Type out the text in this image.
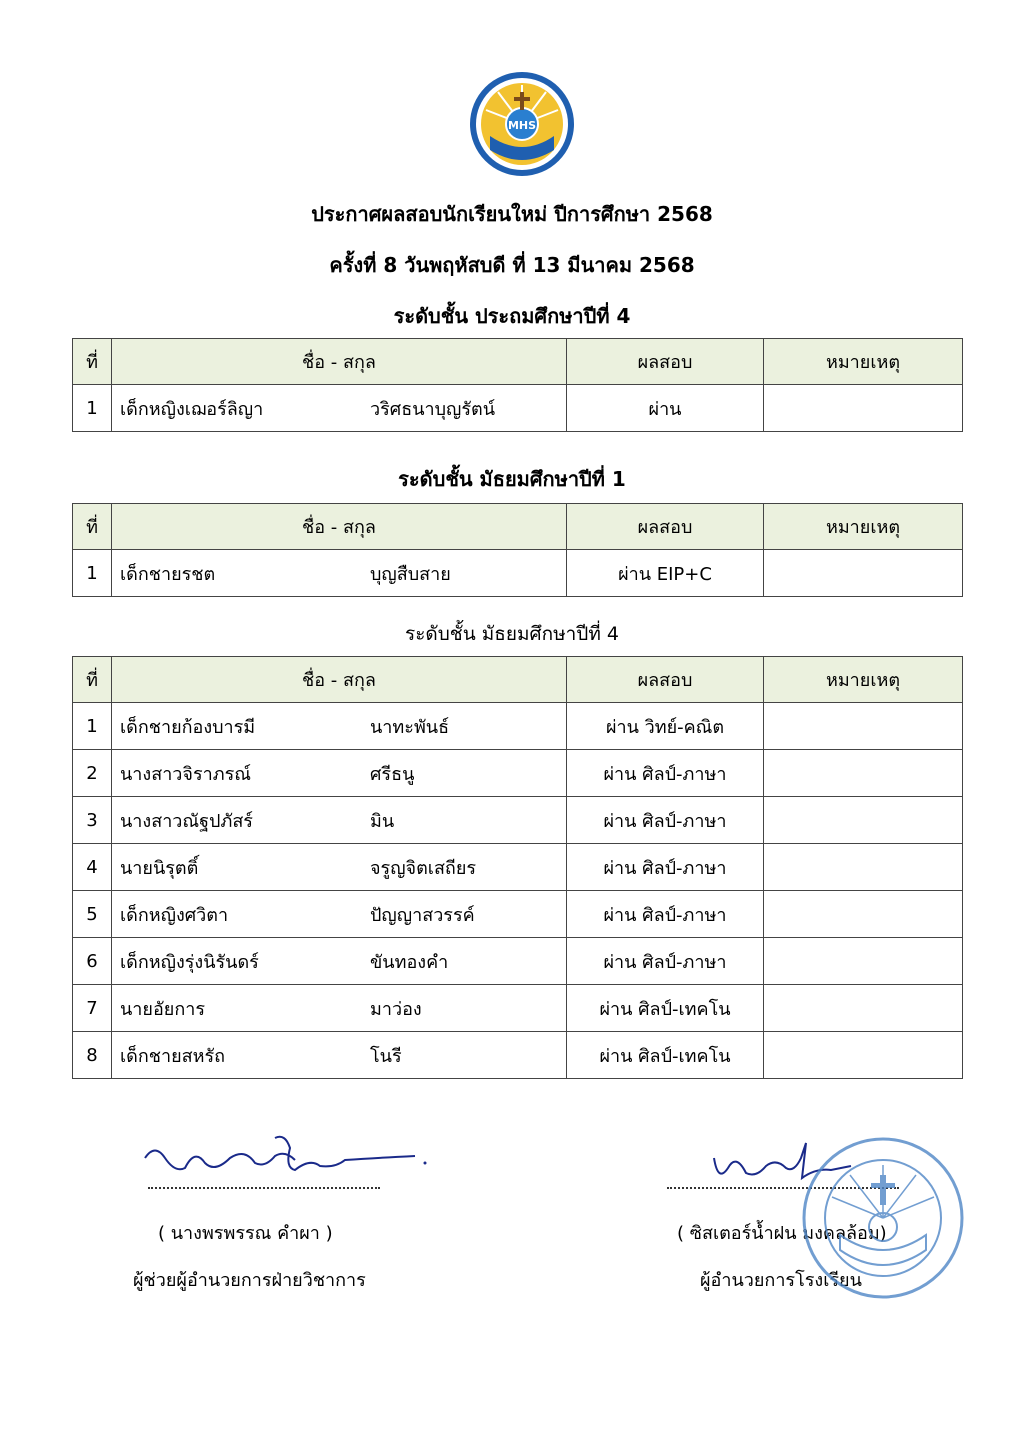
MHS
ประกาศผลสอบนักเรียนใหม่ ปีการศึกษา 2568
ครั้งที่ 8 วันพฤหัสบดี ที่ 13 มีนาคม 2568
ระดับชั้น ประถมศึกษาปีที่ 4
ที่	ชื่อ - สกุล	ผลสอบ	หมายเหตุ
1	เด็กหญิงเฌอร์ลิญา วริศธนาบุญรัตน์	ผ่าน	
ระดับชั้น มัธยมศึกษาปีที่ 1
ที่	ชื่อ - สกุล	ผลสอบ	หมายเหตุ
1	เด็กชายรชต บุญสืบสาย	ผ่าน EIP+C	
ระดับชั้น มัธยมศึกษาปีที่ 4
ที่	ชื่อ - สกุล	ผลสอบ	หมายเหตุ
1	เด็กชายก้องบารมี นาทะพันธ์	ผ่าน วิทย์-คณิต	
2	นางสาวจิราภรณ์ ศรีธนู	ผ่าน ศิลป์-ภาษา	
3	นางสาวณัฐปภัสร์ มิน	ผ่าน ศิลป์-ภาษา	
4	นายนิรุตติ์ จรูญจิตเสถียร	ผ่าน ศิลป์-ภาษา	
5	เด็กหญิงศวิตา ปัญญาสวรรค์	ผ่าน ศิลป์-ภาษา	
6	เด็กหญิงรุ่งนิรันดร์ ขันทองคำ	ผ่าน ศิลป์-ภาษา	
7	นายอัยการ มาว่อง	ผ่าน ศิลป์-เทคโน	
8	เด็กชายสหรัถ โนรี	ผ่าน ศิลป์-เทคโน	
( นางพรพรรณ คำผา )
ผู้ช่วยผู้อำนวยการฝ่ายวิชาการ
( ซิสเตอร์น้ำฝน มงคลล้อม)
ผู้อำนวยการโรงเรียน
